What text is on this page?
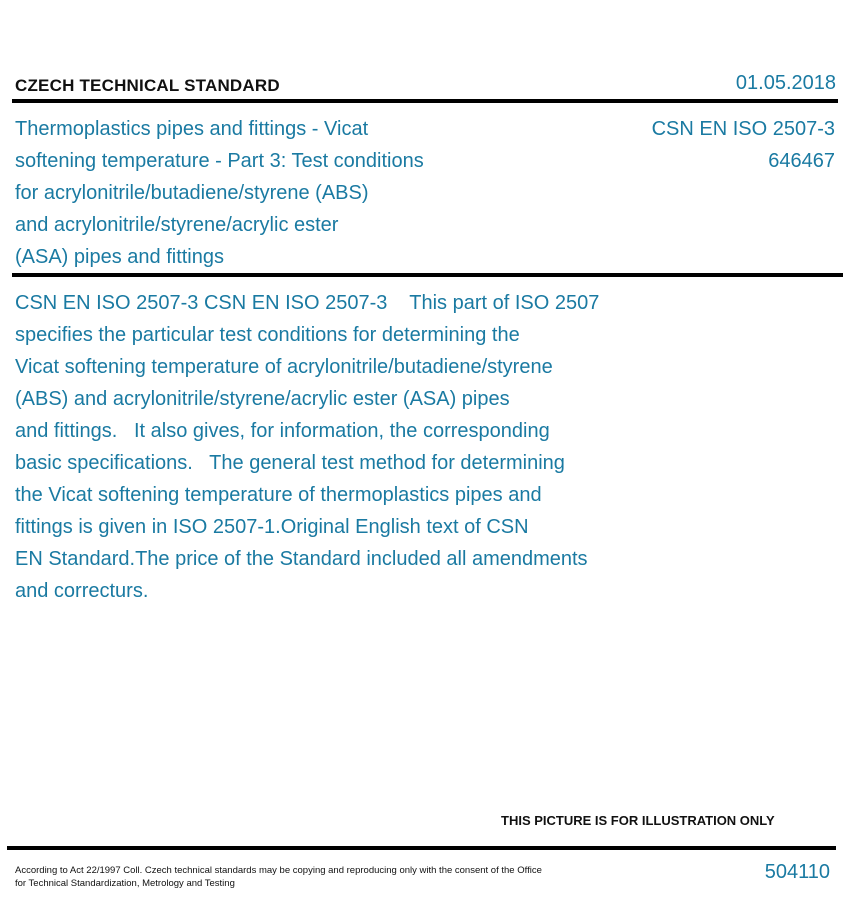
CZECH TECHNICAL STANDARD	01.05.2018
Thermoplastics pipes and fittings - Vicat
softening temperature - Part 3: Test conditions
for acrylonitrile/butadiene/styrene (ABS)
and acrylonitrile/styrene/acrylic ester
(ASA) pipes and fittings
CSN EN ISO 2507-3
646467
CSN EN ISO 2507-3 CSN EN ISO 2507-3    This part of ISO 2507
specifies the particular test conditions for determining the
Vicat softening temperature of acrylonitrile/butadiene/styrene
(ABS) and acrylonitrile/styrene/acrylic ester (ASA) pipes
and fittings.   It also gives, for information, the corresponding
basic specifications.   The general test method for determining
the Vicat softening temperature of thermoplastics pipes and
fittings is given in ISO 2507-1.Original English text of CSN
EN Standard.The price of the Standard included all amendments
and correcturs.
THIS PICTURE IS FOR ILLUSTRATION ONLY
According to Act 22/1997 Coll. Czech technical standards may be copying and reproducing only with the consent of the Office
for Technical Standardization, Metrology and Testing
504110
